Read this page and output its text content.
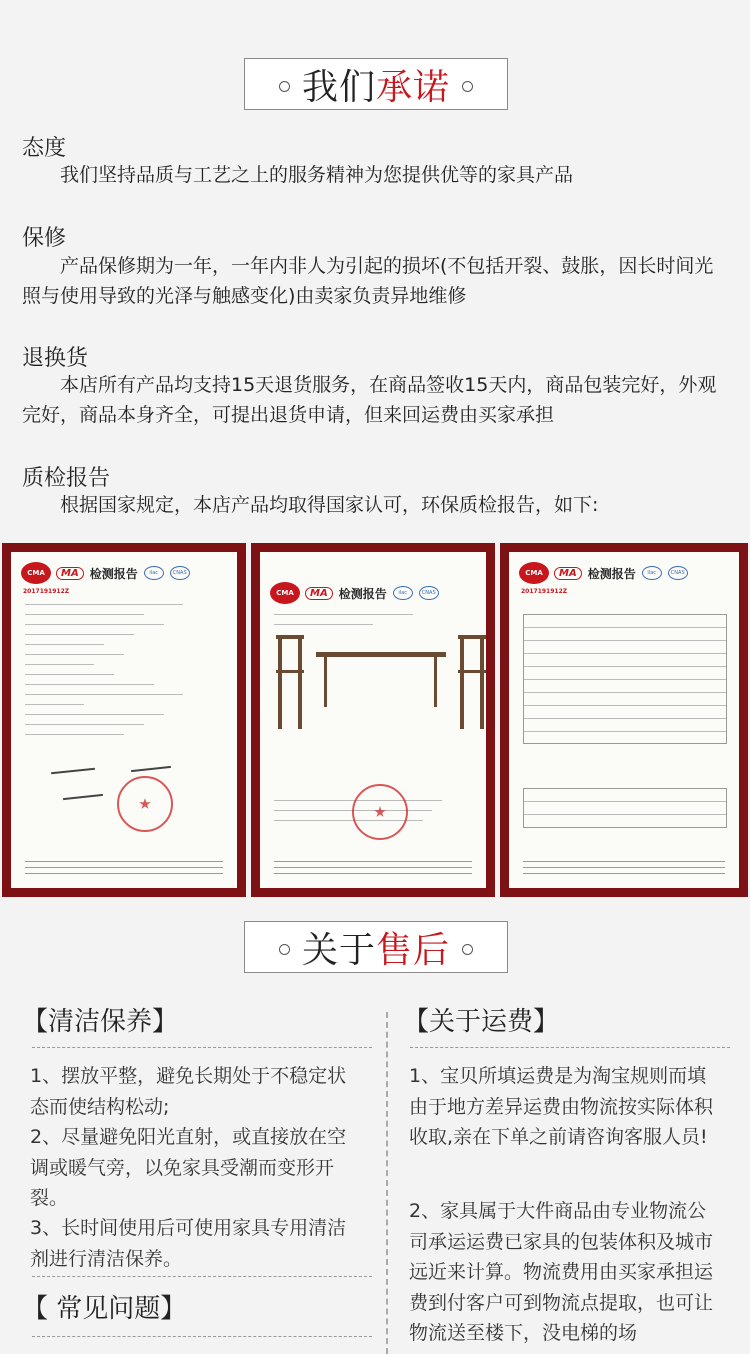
我们 承诺
态度
我们坚持品质与工艺之上的服务精神为您提供优等的家具产品
保修
产品保修期为一年，一年内非人为引起的损坏(不包括开裂、鼓胀，因长时间光照与使用导致的光泽与触感变化)由卖家负责异地维修
退换货
本店所有产品均支持15天退货服务，在商品签收15天内，商品包装完好，外观完好，商品本身齐全，可提出退货申请，但来回运费由买家承担
质检报告
根据国家规定，本店产品均取得国家认可，环保质检报告，如下:
CMA	MA 检测报告	ilac	CNAS
2017191912Z	CMA	MA 检测报告	ilac	CNAS
CMA	MA 检测报告	ilac	CNAS
2017191912Z
关于 售后
【清洁保养】
1、摆放平整，避免长期处于不稳定状态而使结构松动;
2、尽量避免阳光直射，或直接放在空调或暖气旁，以免家具受潮而变形开裂。
3、长时间使用后可使用家具专用清洁剂进行清洁保养。
【 常见问题】
【关于运费】
1、宝贝所填运费是为淘宝规则而填由于地方差异运费由物流按实际体积收取,亲在下单之前请咨询客服人员!
2、家具属于大件商品由专业物流公司承运运费已家具的包装体积及城市远近来计算。物流费用由买家承担运费到付客户可到物流点提取，也可让物流送至楼下，没电梯的场
